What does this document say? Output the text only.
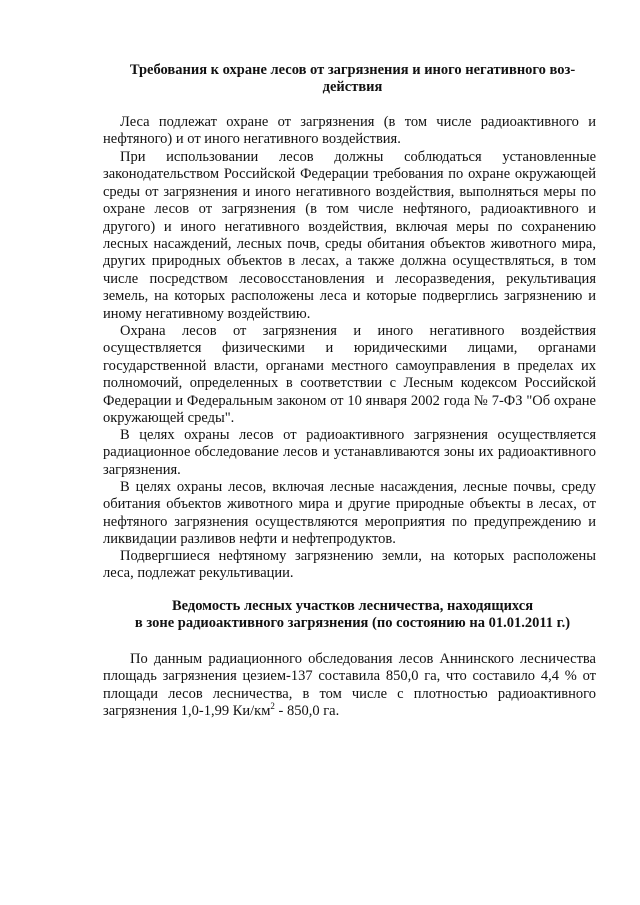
Требования к охране лесов от загрязнения и иного негативного воз-
действия

Леса подлежат охране от загрязнения (в том числе радиоактивного и нефтяного) и от иного негативного воздействия.

При использовании лесов должны соблюдаться установленные законодательством Российской Федерации требования по охране окружающей среды от загрязнения и иного негативного воздействия, выполняться меры по охране лесов от загрязнения (в том числе нефтяного, радиоактивного и другого) и иного негативного воздействия, включая меры по сохранению лесных насаждений, лесных почв, среды обитания объектов животного мира, других природных объектов в лесах, а также должна осуществляться, в том числе посредством лесовосстановления и лесоразведения, рекультивация земель, на которых расположены леса и которые подверглись загрязнению и иному негативному воздействию.

Охрана лесов от загрязнения и иного негативного воздействия осуществляется физическими и юридическими лицами, органами государственной власти, органами местного самоуправления в пределах их полномочий, определенных в соответствии с Лесным кодексом Российской Федерации и Федеральным законом от 10 января 2002 года № 7-ФЗ "Об охране окружающей среды".

В целях охраны лесов от радиоактивного загрязнения осуществляется радиационное обследование лесов и устанавливаются зоны их радиоактивного загрязнения.

В целях охраны лесов, включая лесные насаждения, лесные почвы, среду обитания объектов животного мира и другие природные объекты в лесах, от нефтяного загрязнения осуществляются мероприятия по предупреждению и ликвидации разливов нефти и нефтепродуктов.

Подвергшиеся нефтяному загрязнению земли, на которых расположены леса, подлежат рекультивации.

Ведомость лесных участков лесничества, находящихся
в зоне радиоактивного загрязнения (по состоянию на 01.01.2011 г.)

По данным радиационного обследования лесов Аннинского лесничества площадь загрязнения цезием-137 составила 850,0 га, что составило 4,4 % от площади лесов лесничества, в том числе с плотностью радиоактивного загрязнения 1,0-1,99 $Ки/км^2 - 850,0$ га.
